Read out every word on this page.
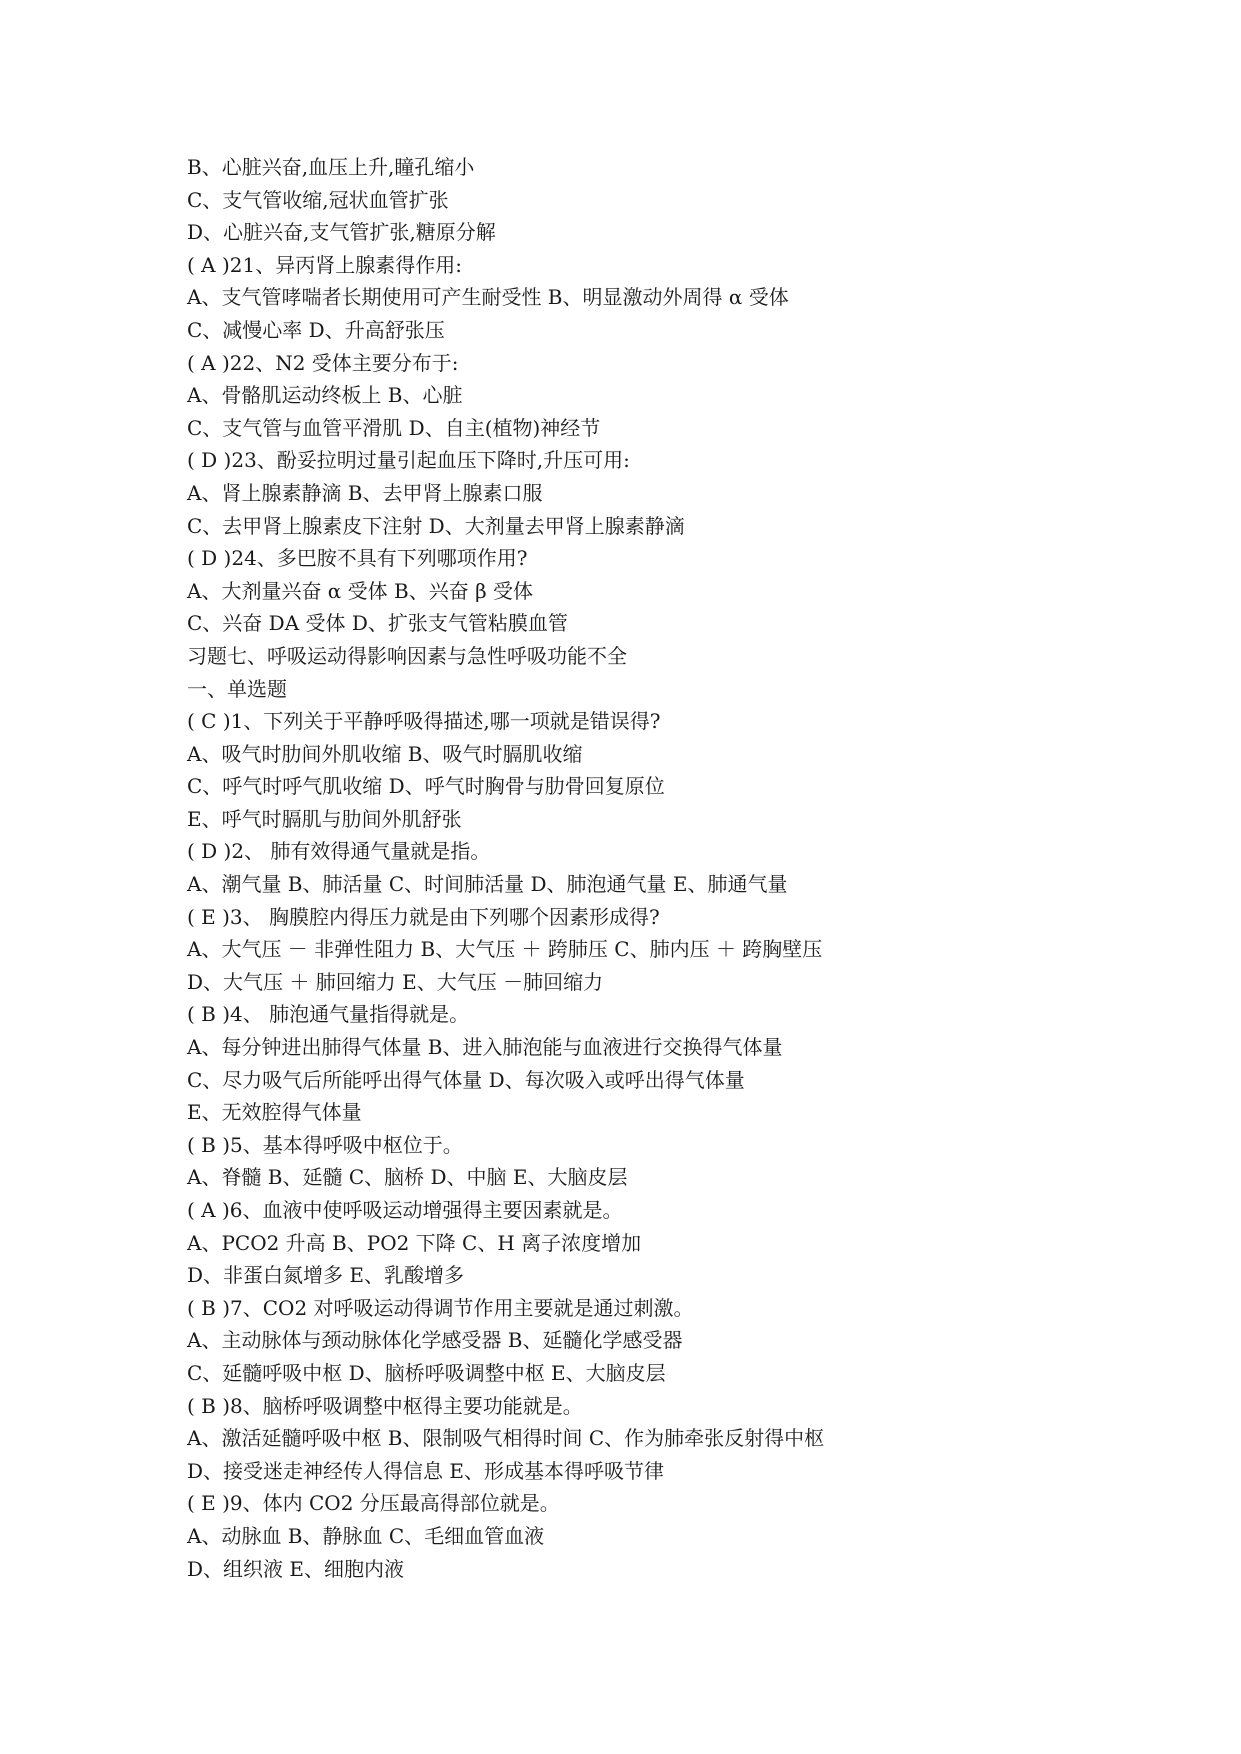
B、心脏兴奋,血压上升,瞳孔缩小
C、支气管收缩,冠状血管扩张
D、心脏兴奋,支气管扩张,糖原分解
( A )21、异丙肾上腺素得作用:
A、支气管哮喘者长期使用可产生耐受性 B、明显激动外周得 α 受体
C、减慢心率 D、升高舒张压
( A )22、N2 受体主要分布于:
A、骨骼肌运动终板上 B、心脏
C、支气管与血管平滑肌 D、自主(植物)神经节
( D )23、酚妥拉明过量引起血压下降时,升压可用:
A、肾上腺素静滴 B、去甲肾上腺素口服
C、去甲肾上腺素皮下注射 D、大剂量去甲肾上腺素静滴
( D )24、多巴胺不具有下列哪项作用?
A、大剂量兴奋 α 受体 B、兴奋 β 受体
C、兴奋 DA 受体 D、扩张支气管粘膜血管
习题七、呼吸运动得影响因素与急性呼吸功能不全
一、单选题
( C )1、下列关于平静呼吸得描述,哪一项就是错误得?
A、吸气时肋间外肌收缩 B、吸气时膈肌收缩
C、呼气时呼气肌收缩 D、呼气时胸骨与肋骨回复原位
E、呼气时膈肌与肋间外肌舒张
( D )2、 肺有效得通气量就是指。
A、潮气量 B、肺活量 C、时间肺活量 D、肺泡通气量 E、肺通气量
( E )3、 胸膜腔内得压力就是由下列哪个因素形成得?
A、大气压 － 非弹性阻力 B、大气压 ＋ 跨肺压 C、肺内压 ＋ 跨胸壁压
D、大气压 ＋ 肺回缩力 E、大气压 －肺回缩力
( B )4、 肺泡通气量指得就是。
A、每分钟进出肺得气体量 B、进入肺泡能与血液进行交换得气体量
C、尽力吸气后所能呼出得气体量 D、每次吸入或呼出得气体量
E、无效腔得气体量
( B )5、基本得呼吸中枢位于。
A、脊髓 B、延髓 C、脑桥 D、中脑 E、大脑皮层
( A )6、血液中使呼吸运动增强得主要因素就是。
A、PCO2 升高 B、PO2 下降 C、H 离子浓度增加
D、非蛋白氮增多 E、乳酸增多
( B )7、CO2 对呼吸运动得调节作用主要就是通过刺激。
A、主动脉体与颈动脉体化学感受器 B、延髓化学感受器
C、延髓呼吸中枢 D、脑桥呼吸调整中枢 E、大脑皮层
( B )8、脑桥呼吸调整中枢得主要功能就是。
A、激活延髓呼吸中枢 B、限制吸气相得时间 C、作为肺牵张反射得中枢
D、接受迷走神经传人得信息 E、形成基本得呼吸节律
( E )9、体内 CO2 分压最高得部位就是。
A、动脉血 B、静脉血 C、毛细血管血液
D、组织液 E、细胞内液
